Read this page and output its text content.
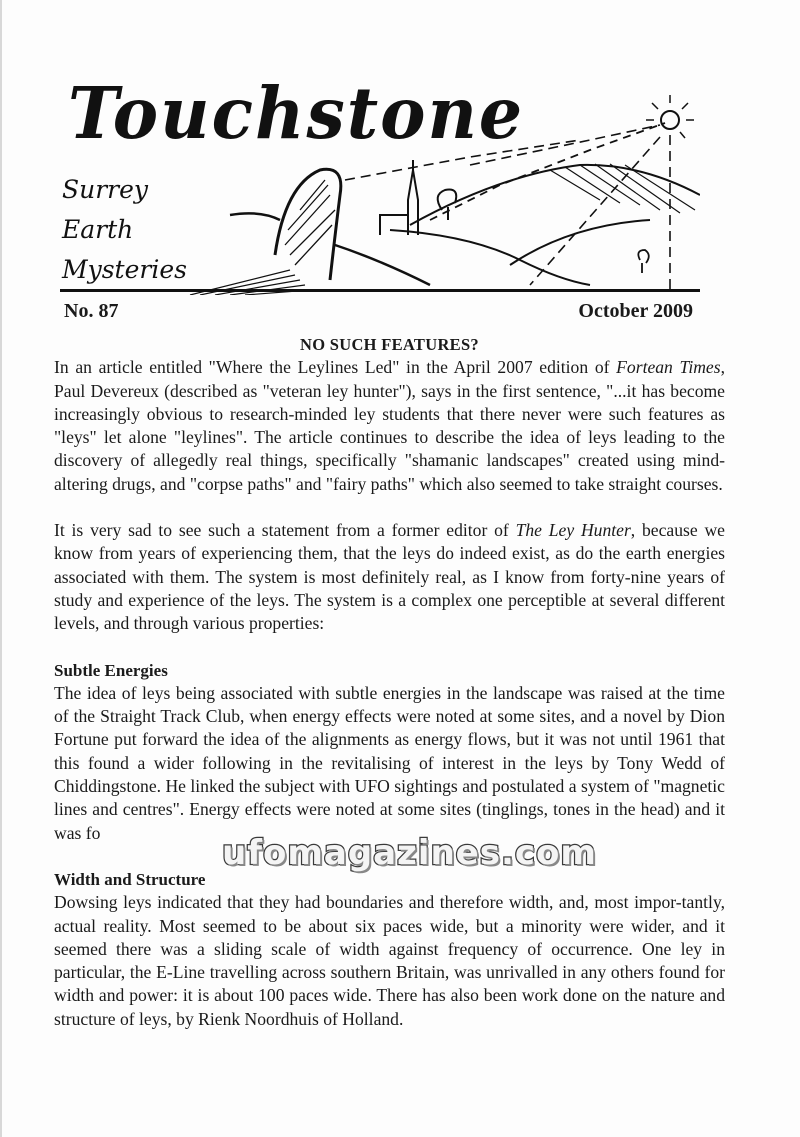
Touchstone
Surrey
Earth
Mysteries
No. 87	October 2009

NO SUCH FEATURES?

In an article entitled "Where the Leylines Led" in the April 2007 edition of Fortean Times, Paul Devereux (described as "veteran ley hunter"), says in the first sentence, "...it has become increasingly obvious to research-minded ley students that there never were such features as "leys" let alone "leylines". The article continues to describe the idea of leys leading to the discovery of allegedly real things, specifically "shamanic landscapes" created using mind-altering drugs, and "corpse paths" and "fairy paths" which also seemed to take straight courses.

It is very sad to see such a statement from a former editor of The Ley Hunter, because we know from years of experiencing them, that the leys do indeed exist, as do the earth energies associated with them. The system is most definitely real, as I know from forty-nine years of study and experience of the leys. The system is a complex one perceptible at several different levels, and through various properties:

Subtle Energies

The idea of leys being associated with subtle energies in the landscape was raised at the time of the Straight Track Club, when energy effects were noted at some sites, and a novel by Dion Fortune put forward the idea of the alignments as energy flows, but it was not until 1961 that this found a wider following in the revitalising of interest in the leys by Tony Wedd of Chiddingstone. He linked the subject with UFO sightings and postulated a system of "magnetic lines and centres". Energy effects were noted at some sites (tinglings, tones in the head) and it was fo

Width and Structure

Dowsing leys indicated that they had boundaries and therefore width, and, most impor-tantly, actual reality. Most seemed to be about six paces wide, but a minority were wider, and it seemed there was a sliding scale of width against frequency of occurrence. One ley in particular, the E-Line travelling across southern Britain, was unrivalled in any others found for width and power: it is about 100 paces wide. There has also been work done on the nature and structure of leys, by Rienk Noordhuis of Holland.

ufomagazines.com
